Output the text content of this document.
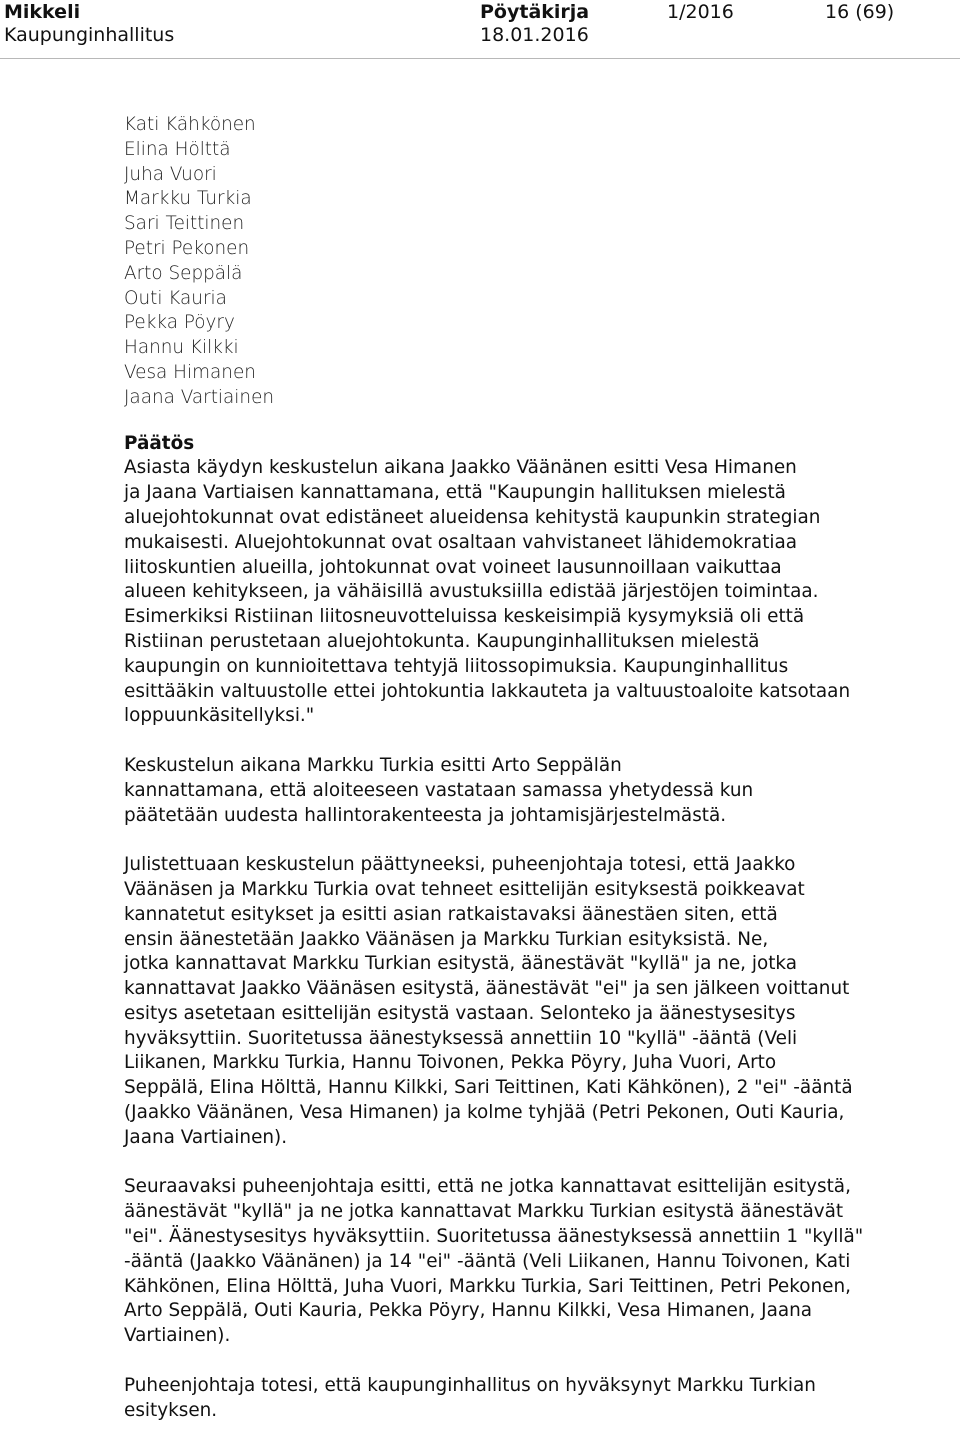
Mikkeli
Kaupunginhallitus
Pöytäkirja
18.01.2016
1/2016	16 (69)
Kati Kähkönen
Elina Hölttä
Juha Vuori
Markku Turkia
Sari Teittinen
Petri Pekonen
Arto Seppälä
Outi Kauria
Pekka Pöyry
Hannu Kilkki
Vesa Himanen
Jaana Vartiainen
Päätös
Asiasta käydyn keskustelun aikana Jaakko Väänänen esitti Vesa Himanen
ja Jaana Vartiaisen kannattamana, että "Kaupungin hallituksen mielestä
aluejohtokunnat ovat edistäneet alueidensa kehitystä kaupunkin strategian
mukaisesti. Aluejohtokunnat ovat osaltaan vahvistaneet lähidemokratiaa
liitoskuntien alueilla, johtokunnat ovat voineet lausunnoillaan vaikuttaa
alueen kehitykseen, ja vähäisillä avustuksiilla edistää järjestöjen toimintaa.
Esimerkiksi Ristiinan liitosneuvotteluissa keskeisimpiä kysymyksiä oli että
Ristiinan perustetaan aluejohtokunta. Kaupunginhallituksen mielestä
kaupungin on kunnioitettava tehtyjä liitossopimuksia. Kaupunginhallitus
esittääkin valtuustolle ettei johtokuntia lakkauteta ja valtuustoaloite katsotaan
loppuunkäsitellyksi."
Keskustelun aikana Markku Turkia esitti Arto Seppälän
kannattamana, että aloiteeseen vastataan samassa yhetydessä kun
päätetään uudesta hallintorakenteesta ja johtamisjärjestelmästä.
Julistettuaan keskustelun päättyneeksi, puheenjohtaja totesi, että Jaakko
Väänäsen ja Markku Turkia ovat tehneet esittelijän esityksestä poikkeavat
kannatetut esitykset ja esitti asian ratkaistavaksi äänestäen siten, että
ensin äänestetään Jaakko Väänäsen ja Markku Turkian esityksistä. Ne,
jotka kannattavat Markku Turkian esitystä, äänestävät "kyllä" ja ne, jotka
kannattavat Jaakko Väänäsen esitystä, äänestävät "ei" ja sen jälkeen voittanut
esitys asetetaan esittelijän esitystä vastaan. Selonteko ja äänestysesitys
hyväksyttiin. Suoritetussa äänestyksessä annettiin 10 "kyllä" -ääntä (Veli
Liikanen, Markku Turkia, Hannu Toivonen, Pekka Pöyry, Juha Vuori, Arto
Seppälä, Elina Hölttä, Hannu Kilkki, Sari Teittinen, Kati Kähkönen), 2 "ei" -ääntä
(Jaakko Väänänen, Vesa Himanen) ja kolme tyhjää (Petri Pekonen, Outi Kauria,
Jaana Vartiainen).
Seuraavaksi puheenjohtaja esitti, että ne jotka kannattavat esittelijän esitystä,
äänestävät "kyllä" ja ne jotka kannattavat Markku Turkian esitystä äänestävät
"ei". Äänestysesitys hyväksyttiin. Suoritetussa äänestyksessä annettiin 1 "kyllä"
-ääntä (Jaakko Väänänen) ja 14 "ei" -ääntä (Veli Liikanen, Hannu Toivonen, Kati
Kähkönen, Elina Hölttä, Juha Vuori, Markku Turkia, Sari Teittinen, Petri Pekonen,
Arto Seppälä, Outi Kauria, Pekka Pöyry, Hannu Kilkki, Vesa Himanen, Jaana
Vartiainen).
Puheenjohtaja totesi, että kaupunginhallitus on hyväksynyt Markku Turkian
esityksen.
